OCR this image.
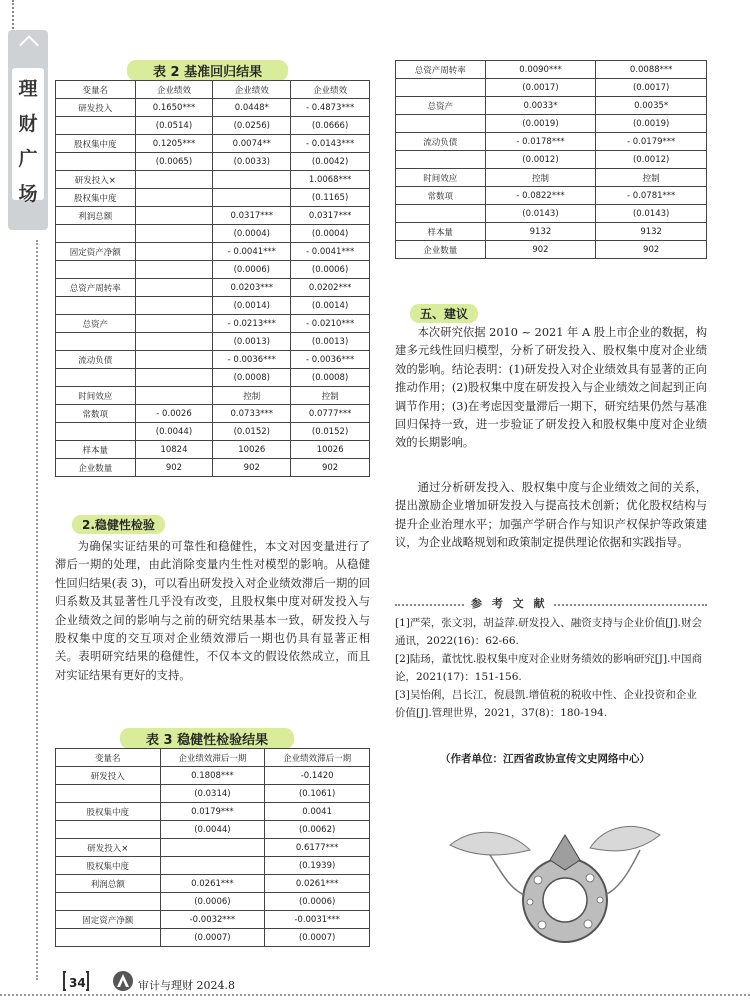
理
财
广
场
表 2 基准回归结果
变量名	企业绩效	企业绩效	企业绩效
研发投入	0.1650***	0.0448*	- 0.4873***
	(0.0514)	(0.0256)	(0.0666)
股权集中度	0.1205***	0.0074**	- 0.0143***
	(0.0065)	(0.0033)	(0.0042)
研发投入×			1.0068***
股权集中度			(0.1165)
利润总额		0.0317***	0.0317***
		(0.0004)	(0.0004)
固定资产净额		- 0.0041***	- 0.0041***
		(0.0006)	(0.0006)
总资产周转率		0.0203***	0.0202***
		(0.0014)	(0.0014)
总资产		- 0.0213***	- 0.0210***
		(0.0013)	(0.0013)
流动负债		- 0.0036***	- 0.0036***
		(0.0008)	(0.0008)
时间效应		控制	控制
常数项	- 0.0026	0.0733***	0.0777***
	(0.0044)	(0.0152)	(0.0152)
样本量	10824	10026	10026
企业数量	902	902	902
总资产周转率	0.0090***	0.0088***
	(0.0017)	(0.0017)
总资产	0.0033*	0.0035*
	(0.0019)	(0.0019)
流动负债	- 0.0178***	- 0.0179***
	(0.0012)	(0.0012)
时间效应	控制	控制
常数项	- 0.0822***	- 0.0781***
	(0.0143)	(0.0143)
样本量	9132	9132
企业数量	902	902
2.稳健性检验
为确保实证结果的可靠性和稳健性，本文对因变量进行了滞后一期的处理，由此消除变量内生性对模型的影响。从稳健性回归结果(表 3)，可以看出研发投入对企业绩效滞后一期的回归系数及其显著性几乎没有改变，且股权集中度对研发投入与企业绩效之间的影响与之前的研究结果基本一致，研发投入与股权集中度的交互项对企业绩效滞后一期也仍具有显著正相关。表明研究结果的稳健性，不仅本文的假设依然成立，而且对实证结果有更好的支持。
表 3 稳健性检验结果
变量名	企业绩效滞后一期	企业绩效滞后一期
研发投入	0.1808***	-0.1420
	(0.0314)	(0.1061)
股权集中度	0.0179***	0.0041
	(0.0044)	(0.0062)
研发投入×		0.6177***
股权集中度		(0.1939)
利润总额	0.0261***	0.0261***
	(0.0006)	(0.0006)
固定资产净额	-0.0032***	-0.0031***
	(0.0007)	(0.0007)
五、建议
本次研究依据 2010 ~ 2021 年 A 股上市企业的数据，构建多元线性回归模型，分析了研发投入、股权集中度对企业绩效的影响。结论表明：(1)研发投入对企业绩效具有显著的正向推动作用；(2)股权集中度在研发投入与企业绩效之间起到正向调节作用；(3)在考虑因变量滞后一期下，研究结果仍然与基准回归保持一致，进一步验证了研发投入和股权集中度对企业绩效的长期影响。
通过分析研发投入、股权集中度与企业绩效之间的关系，提出激励企业增加研发投入与提高技术创新；优化股权结构与提升企业治理水平；加强产学研合作与知识产权保护等政策建议，为企业战略规划和政策制定提供理论依据和实践指导。
参 考 文 献
[1]严荣，张文羽，胡益萍.研发投入、融资支持与企业价值[J].财会通讯，2022(16)：62-66.
[2]陆玚，董忱忱.股权集中度对企业财务绩效的影响研究[J].中国商论，2021(17)：151-156.
[3]吴怡俐，吕长江，倪晨凯.增值税的税收中性、企业投资和企业价值[J].管理世界，2021，37(8)：180-194.
（作者单位：江西省政协宣传文史网络中心）
34	审计与理财 2024.8
